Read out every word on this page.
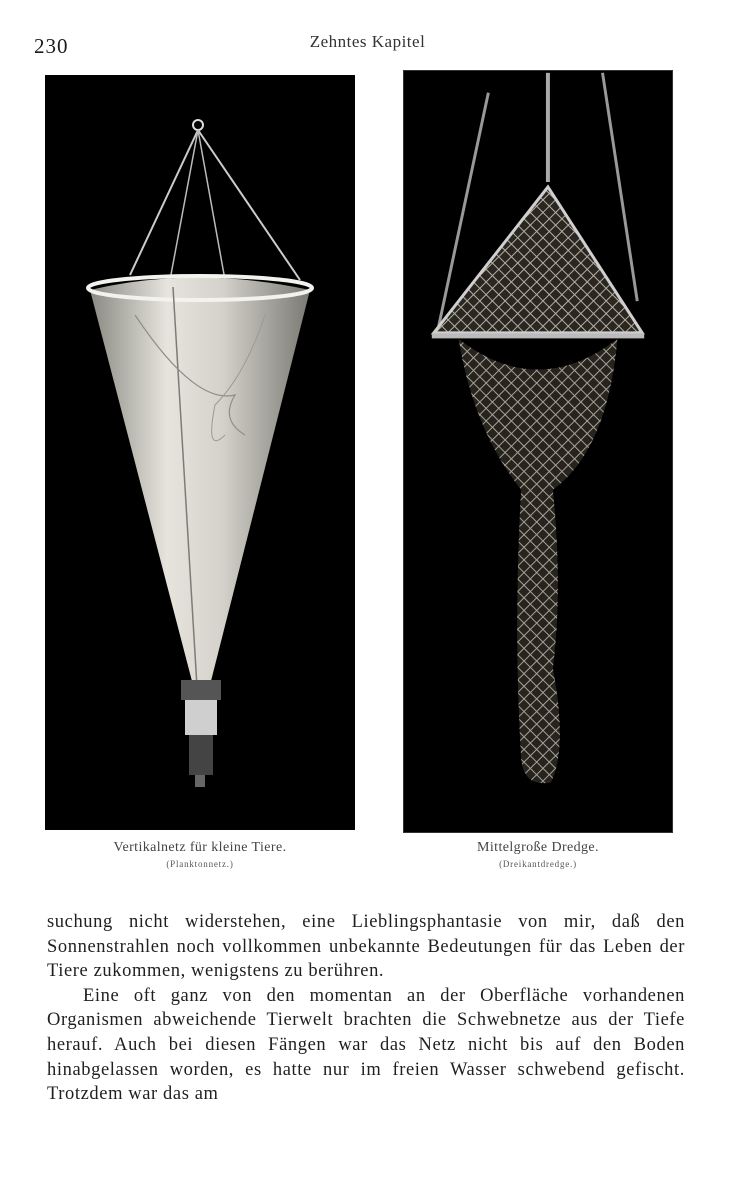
230	Zehntes Kapitel
Vertikalnetz für kleine Tiere.
(Planktonnetz.)
Mittelgroße Dredge.
(Dreikantdredge.)

suchung nicht widerstehen, eine Lieblingsphantasie von mir, daß den Sonnenstrahlen noch vollkommen unbekannte Bedeutungen für das Leben der Tiere zukommen, wenigstens zu berühren.

Eine oft ganz von den momentan an der Oberfläche vorhandenen Organismen abweichende Tierwelt brachten die Schwebnetze aus der Tiefe herauf. Auch bei diesen Fängen war das Netz nicht bis auf den Boden hinabgelassen worden, es hatte nur im freien Wasser schwebend gefischt. Trotzdem war das am
